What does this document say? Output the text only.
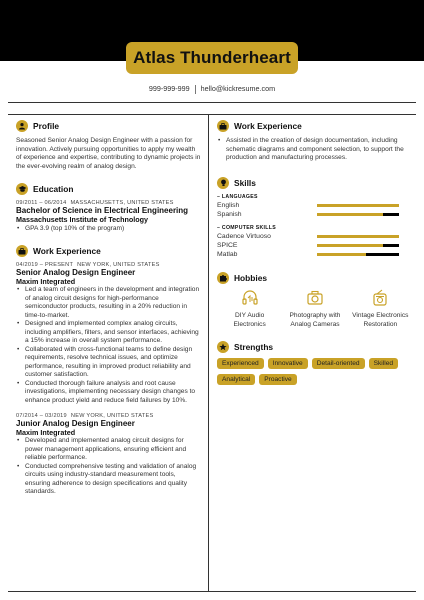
Atlas Thunderheart
999-999-999 hello@kickresume.com
Profile
Seasoned Senior Analog Design Engineer with a passion for innovation. Actively pursuing opportunities to apply my wealth of experience and expertise, contributing to dynamic projects in the ever-evolving realm of analog design.
Education
09/2011 – 06/2014 MASSACHUSETTS, UNITED STATES
Bachelor of Science in Electrical Engineering
Massachusetts Institute of Technology
• GPA 3.9 (top 10% of the program)
Work Experience
04/2019 – PRESENT NEW YORK, UNITED STATES
Senior Analog Design Engineer
Maxim Integrated
• Led a team of engineers in the development and integration of analog circuit designs for high-performance semiconductor products, resulting in a 20% reduction in time-to-market.
• Designed and implemented complex analog circuits, including amplifiers, filters, and sensor interfaces, achieving a 15% increase in overall system performance.
• Collaborated with cross-functional teams to define design requirements, resolve technical issues, and optimize performance, resulting in improved product reliability and customer satisfaction.
• Conducted thorough failure analysis and root cause investigations, implementing necessary design changes to enhance product yield and reduce field failures by 10%.
07/2014 – 03/2019 NEW YORK, UNITED STATES
Junior Analog Design Engineer
Maxim Integrated
• Developed and implemented analog circuit designs for power management applications, ensuring efficient and reliable performance.
• Conducted comprehensive testing and validation of analog circuits using industry-standard measurement tools, ensuring adherence to design specifications and quality standards.
Work Experience
• Assisted in the creation of design documentation, including schematic diagrams and component selection, to support the production and manufacturing processes.
Skills
– LANGUAGES
English
Spanish
– COMPUTER SKILLS
Cadence Virtuoso
SPICE
Matlab
Hobbies
DIY Audio Electronics
Photography with Analog Cameras
Vintage Electronics Restoration
Strengths
Experienced	Innovative	Detail-oriented	Skilled
Analytical	Proactive
